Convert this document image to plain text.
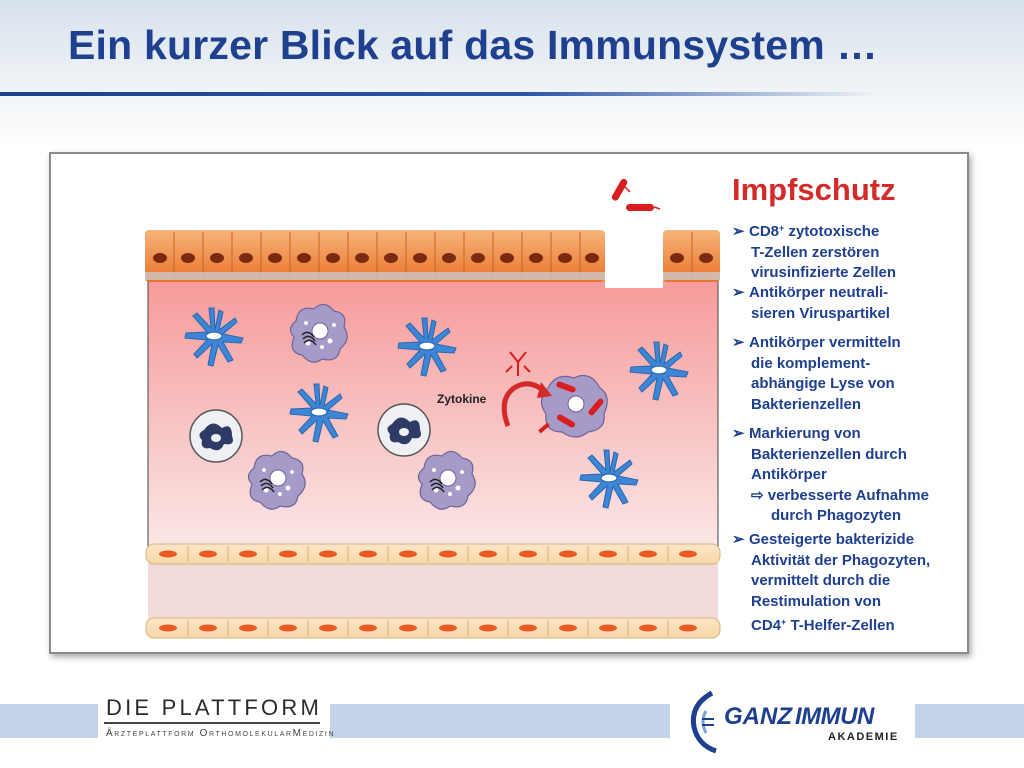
Ein kurzer Blick auf das Immunsystem …
Zytokine
Impfschutz
➢ CD8+ zytotoxische
T-Zellen zerstören
virusinfizierte Zellen
➢ Antikörper neutrali-
sieren Viruspartikel
➢ Antikörper vermitteln
die komplement-
abhängige Lyse von
Bakterienzellen
➢ Markierung von
Bakterienzellen durch
Antikörper
⇨ verbesserte Aufnahme
durch Phagozyten
➢ Gesteigerte bakterizide
Aktivität der Phagozyten,
vermittelt durch die
Restimulation von
CD4+ T-Helfer-Zellen
DIE PLATTFORM
Ärzteplattform OrthomolekularMedizin
GANZ IMMUN
AKADEMIE
